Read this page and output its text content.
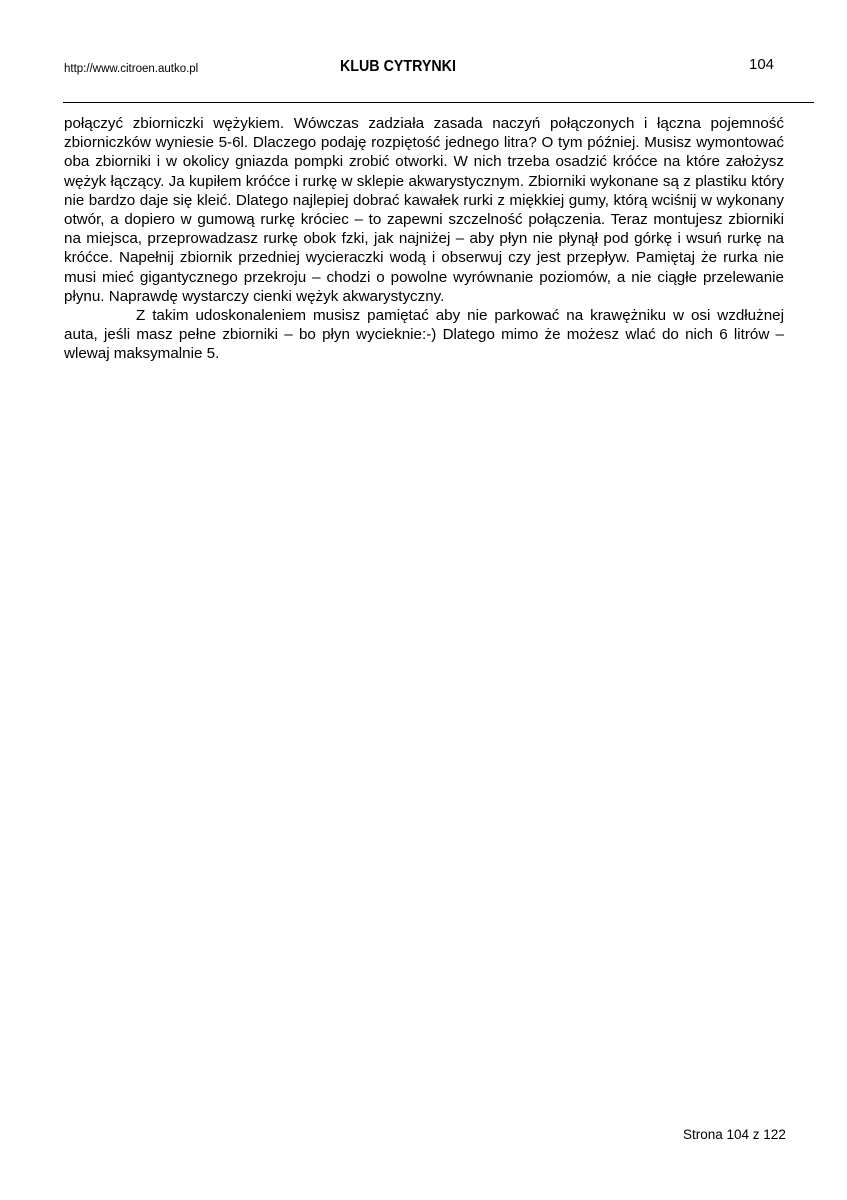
http://www.citroen.autko.pl	KLUB CYTRYNKI	104

połączyć zbiorniczki wężykiem. Wówczas zadziała zasada naczyń połączonych i łączna pojemność zbiorniczków wyniesie 5-6l. Dlaczego podaję rozpiętość jednego litra? O tym później. Musisz wymontować oba zbiorniki i w okolicy gniazda pompki zrobić otworki. W nich trzeba osadzić króćce na które założysz wężyk łączący. Ja kupiłem króćce i rurkę w sklepie akwarystycznym. Zbiorniki wykonane są z plastiku który nie bardzo daje się kleić. Dlatego najlepiej dobrać kawałek rurki z miękkiej gumy, którą wciśnij w wykonany otwór, a dopiero w gumową rurkę króciec – to zapewni szczelność połączenia. Teraz montujesz zbiorniki na miejsca, przeprowadzasz rurkę obok fzki, jak najniżej – aby płyn nie płynął pod górkę i wsuń rurkę na króćce. Napełnij zbiornik przedniej wycieraczki wodą i obserwuj czy jest przepływ. Pamiętaj że rurka nie musi mieć gigantycznego przekroju – chodzi o powolne wyrównanie poziomów, a nie ciągłe przelewanie płynu. Naprawdę wystarczy cienki wężyk akwarystyczny.

Z takim udoskonaleniem musisz pamiętać aby nie parkować na krawężniku w osi wzdłużnej auta, jeśli masz pełne zbiorniki – bo płyn wycieknie:-) Dlatego mimo że możesz wlać do nich 6 litrów – wlewaj maksymalnie 5.

Strona 104 z 122
